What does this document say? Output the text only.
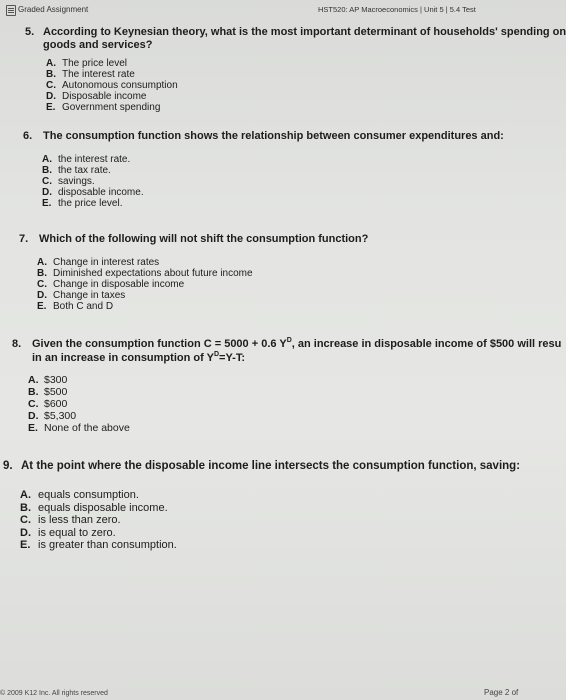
Graded Assignment	HST520: AP Macroeconomics | Unit 5 | 5.4 Test
5. According to Keynesian theory, what is the most important determinant of households' spending on
goods and services?
A. The price level
B. The interest rate
C. Autonomous consumption
D. Disposable income
E. Government spending
6. The consumption function shows the relationship between consumer expenditures and:
A. the interest rate.
B. the tax rate.
C. savings.
D. disposable income.
E. the price level.
7. Which of the following will not shift the consumption function?
A. Change in interest rates
B. Diminished expectations about future income
C. Change in disposable income
D. Change in taxes
E. Both C and D
8. Given the consumption function C = 5000 + 0.6 $Y^D$, an increase in disposable income of $500 will resu
in an increase in consumption of $Y^D=Y-T$:
A. $300
B. $500
C. $600
D. $5,300
E. None of the above
9. At the point where the disposable income line intersects the consumption function, saving:
A. equals consumption.
B. equals disposable income.
C. is less than zero.
D. is equal to zero.
E. is greater than consumption.
© 2009 K12 Inc. All rights reserved	Page 2 of
